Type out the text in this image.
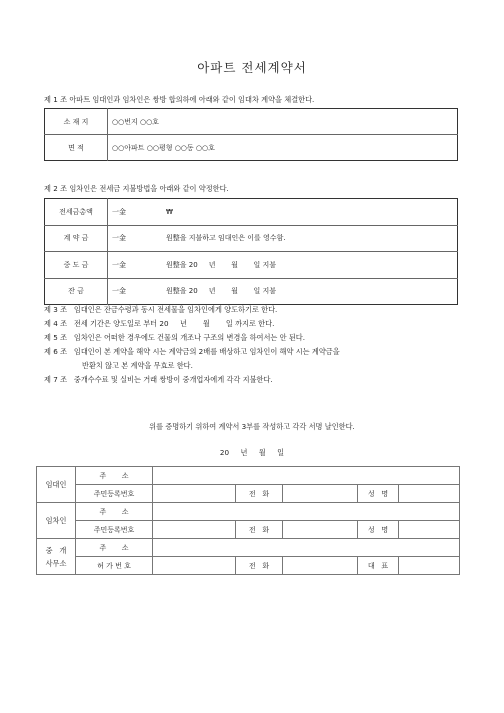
아파트 전세계약서
제 1 조 아파트 임대인과 임차인은 쌍방 합의하에 아래와 같이 임대차 계약을 체결한다.
소 재 지	○○번지 ○○호
면 적	○○아파트 ○○평형 ○○동 ○○호
제 2 조 임차인은 전세금 지불방법을 아래와 같이 약정한다.
전세금총액	一金 ₩
계 약 금	一金 원整을 지불하고 임대인은 이를 영수함.
중 도 금	一金 원整을 20     년       월       일 지불
잔 금	一金 원整을 20     년       월       일 지불
제 3 조   임대인은 잔금수령과 동시 전세물을 임차인에게 양도하기로 한다.
제 4 조   전세 기간은 양도일로 부터 20     년       월       일 까지로 한다.
제 5 조   임차인은 어떠한 경우에도 건물의 개조나 구조의 변경을 하여서는 안 된다.
제 6 조   임대인이 본 계약을 해약 시는 계약금의 2배를 배상하고 임차인이 해약 시는 계약금을
반환치 않고 본 계약을 무효로 한다.
제 7 조   중개수수료 및 실비는 거래 쌍방이 중개업자에게 각각 지불한다.
위를 증명하기 위하여 계약서 3부를 작성하고 각각 서명 날인한다.
20     년     월     일
임대인	주       소					
	주민등록번호		전   화		성   명	
임차인	주       소					
	주민등록번호		전   화		성   명	

중   개
사무소	주       소					
	허 가 번 호		전   화		대   표	
